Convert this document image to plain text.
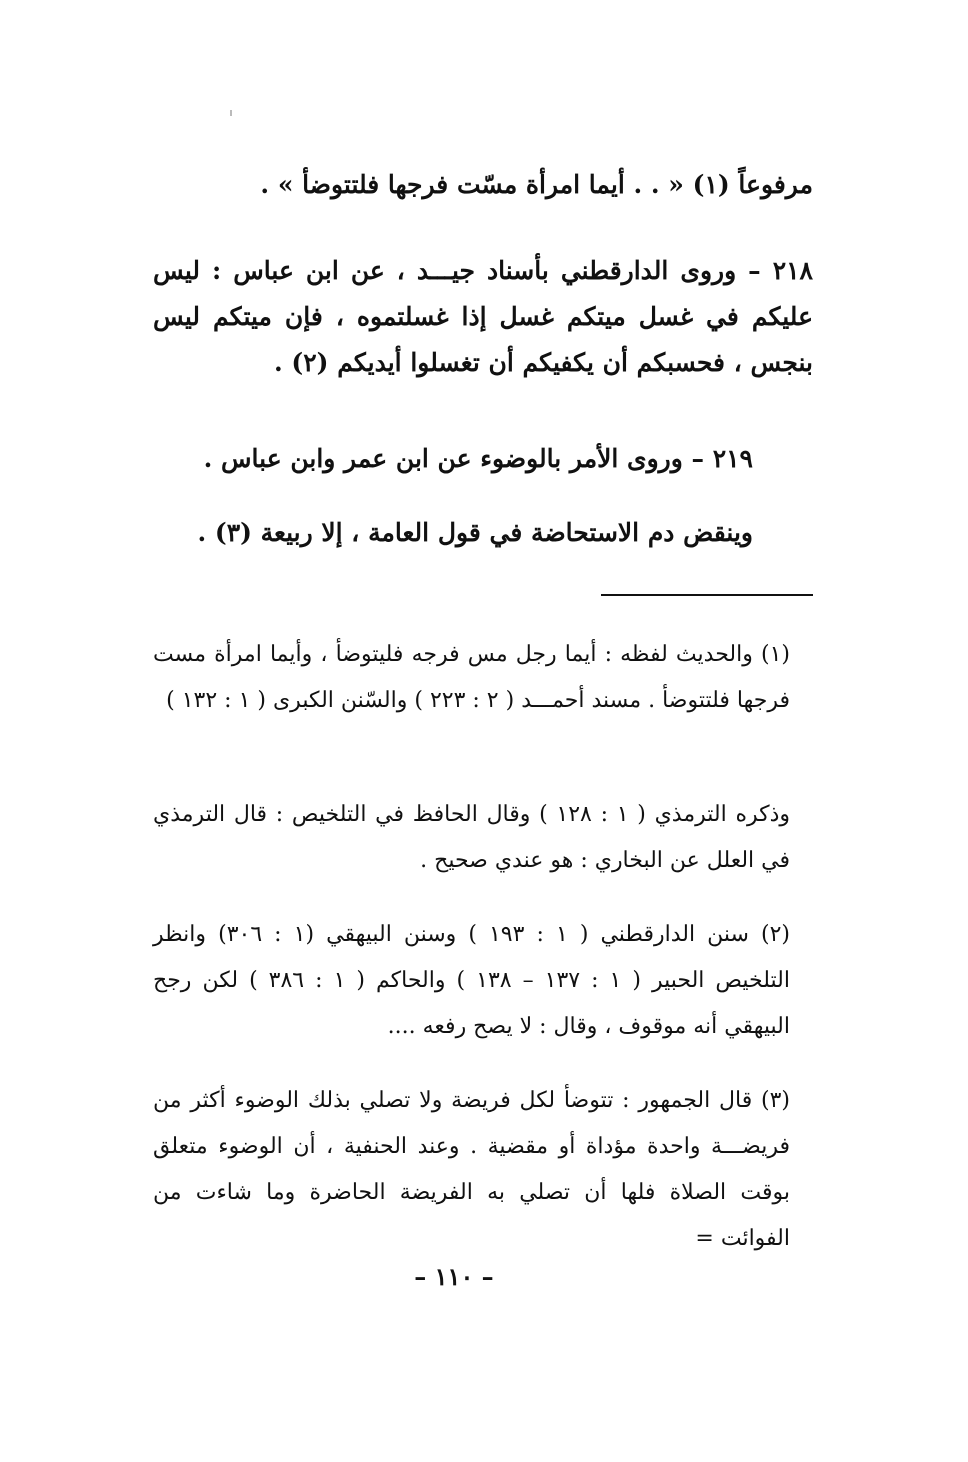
مرفوعاً (١) « . . أيما امرأة مسّت فرجها فلتتوضأ » .

٢١٨ – وروى الدارقطني بأسناد جيـــد ، عن ابن عباس : ليس عليكم في غسل ميتكم غسل إذا غسلتموه ، فإن ميتكم ليس بنجس ، فحسبكم أن يكفيكم أن تغسلوا أيديكم (٢) .

٢١٩ – وروى الأمر بالوضوء عن ابن عمر وابن عباس .

وينقض دم الاستحاضة في قول العامة ، إلا ربيعة (٣) .

(١) والحديث لفظه : أيما رجل مس فرجه فليتوضأ ، وأيما امرأة مست فرجها فلتتوضأ . مسند أحمـــد ( ٢ : ٢٢٣ ) والسّنن الكبرى ( ١ : ١٣٢ )

وذكره الترمذي ( ١ : ١٢٨ ) وقال الحافظ في التلخيص : قال الترمذي في العلل عن البخاري : هو عندي صحيح .

(٢) سنن الدارقطني ( ١ : ١٩٣ ) وسنن البيهقي (١ : ٣٠٦) وانظر التلخيص الحبير ( ١ : ١٣٧ – ١٣٨ ) والحاكم ( ١ : ٣٨٦ ) لكن رجح البيهقي أنه موقوف ، وقال : لا يصح رفعه ....

(٣) قال الجمهور : تتوضأ لكل فريضة ولا تصلي بذلك الوضوء أكثر من فريضـــة واحدة مؤداة أو مقضية . وعند الحنفية ، أن الوضوء متعلق بوقت الصلاة فلها أن تصلي به الفريضة الحاضرة وما شاءت من الفوائت =

– ١١٠ –
